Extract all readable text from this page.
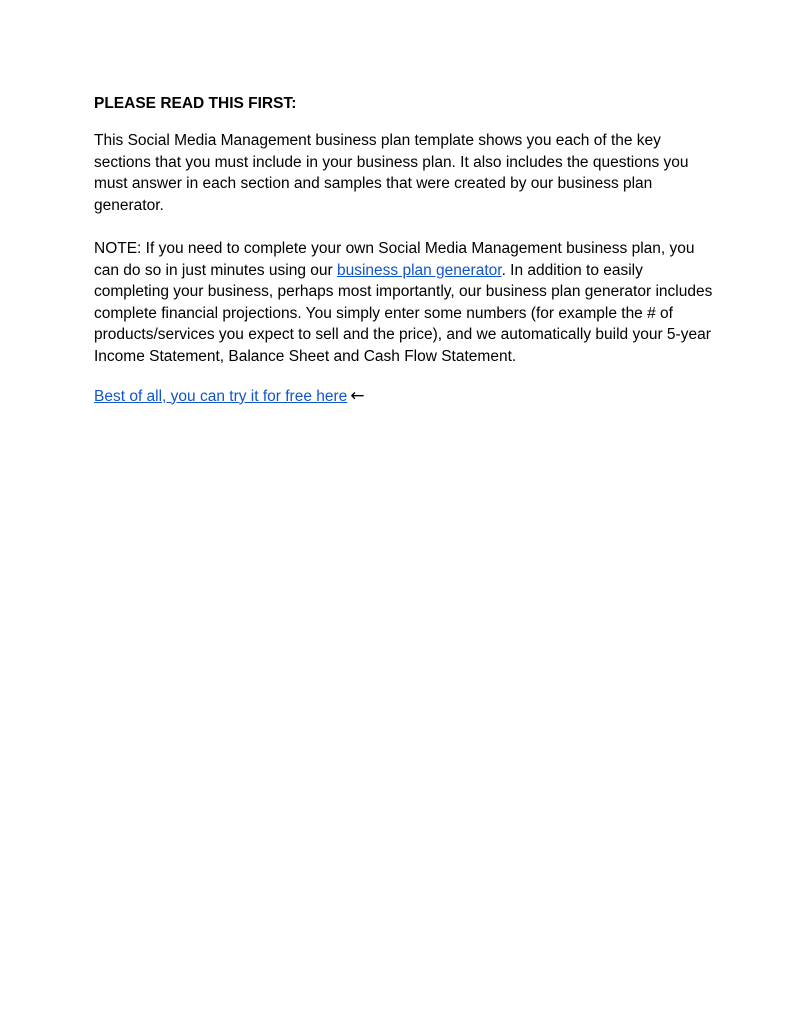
PLEASE READ THIS FIRST:

This Social Media Management business plan template shows you each of the key sections that you must include in your business plan. It also includes the questions you must answer in each section and samples that were created by our business plan generator.

NOTE: If you need to complete your own Social Media Management business plan, you can do so in just minutes using our business plan generator. In addition to easily completing your business, perhaps most importantly, our business plan generator includes complete financial projections. You simply enter some numbers (for example the # of products/services you expect to sell and the price), and we automatically build your 5-year Income Statement, Balance Sheet and Cash Flow Statement.

Best of all, you can try it for free here ←
